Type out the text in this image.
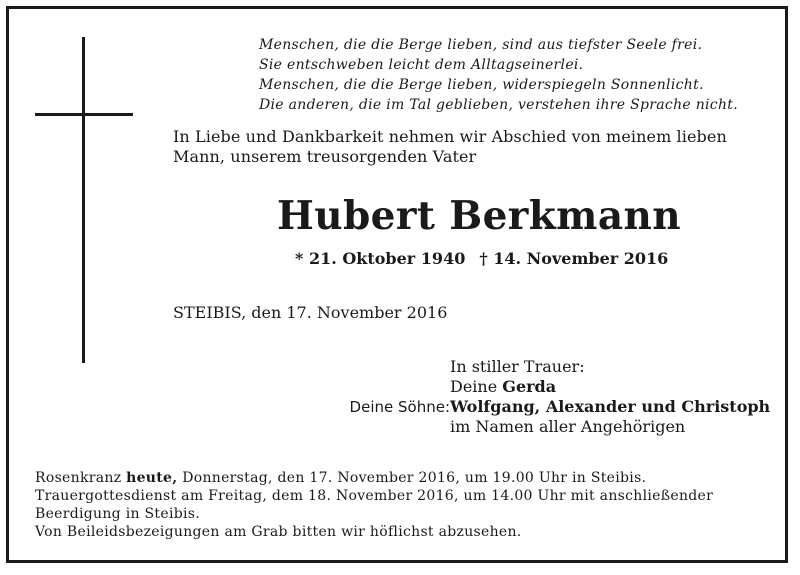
Menschen, die die Berge lieben, sind aus tiefster Seele frei.
Sie entschweben leicht dem Alltagseinerlei.
Menschen, die die Berge lieben, widerspiegeln Sonnenlicht.
Die anderen, die im Tal geblieben, verstehen ihre Sprache nicht.
In Liebe und Dankbarkeit nehmen wir Abschied von meinem lieben
Mann, unserem treusorgenden Vater
Hubert Berkmann
* 21. Oktober 1940 † 14. November 2016
STEIBIS, den 17. November 2016
In stiller Trauer:
Deine Gerda
Deine Söhne: Wolfgang, Alexander und Christoph
im Namen aller Angehörigen
Rosenkranz heute, Donnerstag, den 17. November 2016, um 19.00 Uhr in Steibis.
Trauergottesdienst am Freitag, dem 18. November 2016, um 14.00 Uhr mit anschließender
Beerdigung in Steibis.
Von Beileidsbezeigungen am Grab bitten wir höflichst abzusehen.
